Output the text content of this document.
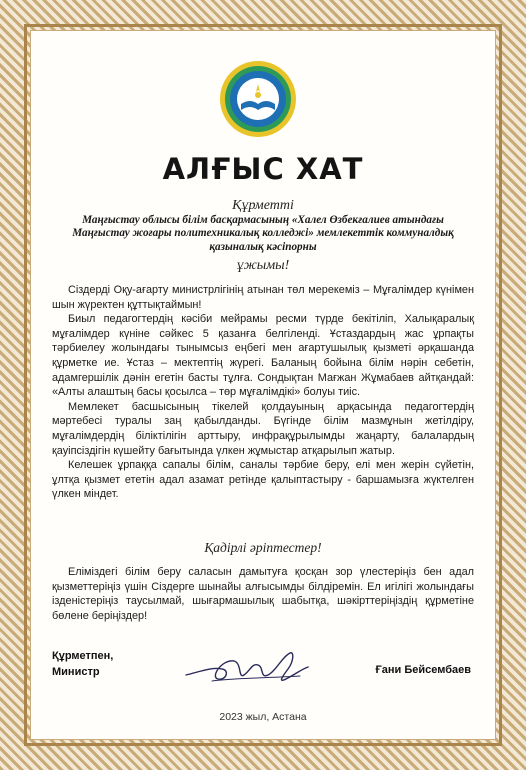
АЛҒЫС ХАТ
Құрметті
Маңғыстау облысы білім басқармасының «Халел Өзбекғалиев атындағы
Маңғыстау жоғары политехникалық колледжі» мемлекеттік коммуналдық
қазыналық кәсіпорны
ұжымы!

Сіздерді Оқу-ағарту министрлігінің атынан төл мерекеміз – Мұғалімдер күнімен шын жүректен құттықтаймын!

Биыл педагогтердің кәсіби мейрамы ресми түрде бекітіліп, Халықаралық мұғалімдер күніне сәйкес 5 қазанға белгіленді. Ұстаздардың жас ұрпақты тәрбиелеу жолындағы тынымсыз еңбегі мен ағартушылық қызметі әрқашанда құрметке ие. Ұстаз – мектептің жүрегі. Баланың бойына білім нәрін себетін, адамгершілік дәнін егетін басты тұлға. Сондықтан Мағжан Жұмабаев айтқандай: «Алты алаштың басы қосылса – төр мұғалімдікі» болуы тиіс.

Мемлекет басшысының тікелей қолдауының арқасында педагогтердің мәртебесі туралы заң қабылданды. Бүгінде білім мазмұнын жетілдіру, мұғалімдердің біліктілігін арттыру, инфрақұрылымды жаңарту, балалардың қауіпсіздігін күшейту бағытында үлкен жұмыстар атқарылып жатыр.

Келешек ұрпаққа сапалы білім, саналы тәрбие беру, елі мен жерін сүйетін, ұлтқа қызмет ететін адал азамат ретінде қалыптастыру - баршамызға жүктелген үлкен міндет.

Қадірлі әріптестер!

Еліміздегі білім беру саласын дамытуға қосқан зор үлестеріңіз бен адал қызметтеріңіз үшін Сіздерге шынайы алғысымды білдіремін. Ел игілігі жолындағы ізденістеріңіз таусылмай, шығармашылық шабытқа, шәкірттеріңіздің құрметіне бөлене беріңіздер!

Құрметпен,
Министр	Ғани Бейсембаев
2023 жыл, Астана
